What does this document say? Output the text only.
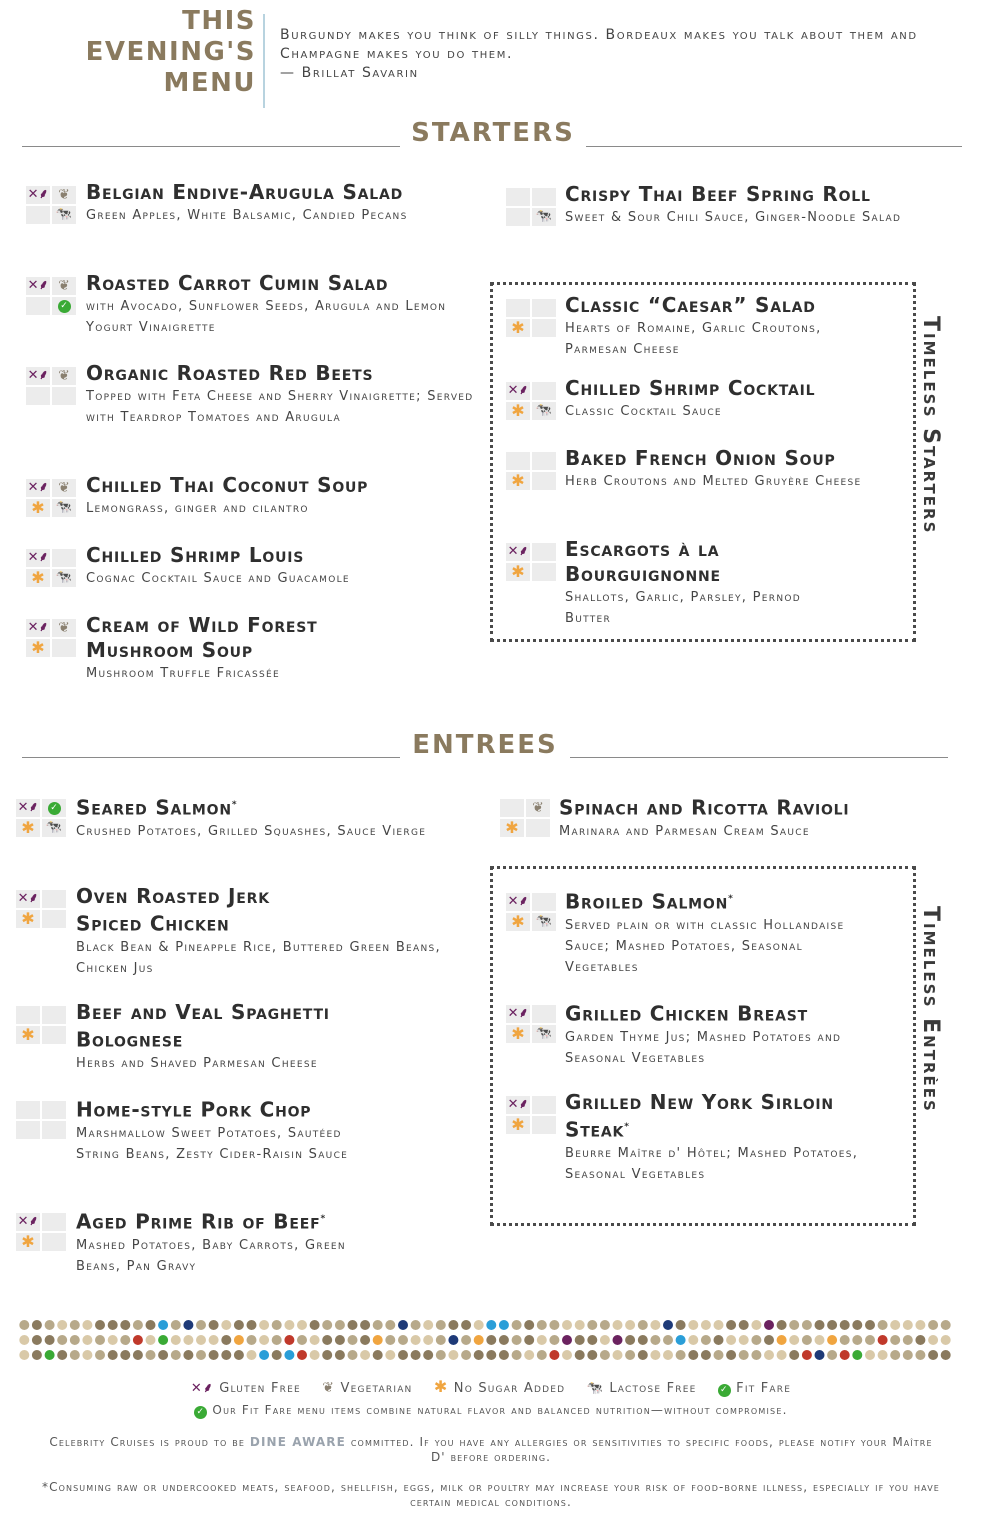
THIS
EVENING'S
MENU
Burgundy makes you think of silly things. Bordeaux makes you talk about them and Champagne makes you do them.
— Brillat Savarin
STARTERS
✕⸙ ❦
🐄
Belgian Endive-Arugula Salad
Green Apples, White Balsamic, Candied Pecans
✕⸙ ❦
✓
Roasted Carrot Cumin Salad
with Avocado, Sunflower Seeds, Arugula and Lemon Yogurt Vinaigrette
✕⸙ ❦ Organic Roasted Red Beets
Topped with Feta Cheese and Sherry Vinaigrette; Served with Teardrop Tomatoes and Arugula
✕⸙ ❦
✱ 🐄
Chilled Thai Coconut Soup
Lemongrass, ginger and cilantro
✕⸙
✱ 🐄
Chilled Shrimp Louis
Cognac Cocktail Sauce and Guacamole
✕⸙ ❦
✱
Cream of Wild Forest Mushroom Soup
Mushroom Truffle Fricassée
🐄
Crispy Thai Beef Spring Roll
Sweet & Sour Chili Sauce, Ginger-Noodle Salad
Timeless Starters
✱
Classic “Caesar” Salad
Hearts of Romaine, Garlic Croutons, Parmesan Cheese
✕⸙
✱ 🐄
Chilled Shrimp Cocktail
Classic Cocktail Sauce
✱
Baked French Onion Soup
Herb Croutons and Melted Gruyère Cheese
✕⸙
✱
Escargots à la Bourguignonne
Shallots, Garlic, Parsley, Pernod Butter
ENTREES
✕⸙	✓
✱ 🐄
Seared Salmon*
Crushed Potatoes, Grilled Squashes, Sauce Vierge
✕⸙
✱
Oven Roasted Jerk Spiced Chicken
Black Bean & Pineapple Rice, Buttered Green Beans, Chicken Jus
✱
Beef and Veal Spaghetti Bolognese
Herbs and Shaved Parmesan Cheese
Home-style Pork Chop
Marshmallow Sweet Potatoes, Sautéed String Beans, Zesty Cider-Raisin Sauce
✕⸙
✱
Aged Prime Rib of Beef*
Mashed Potatoes, Baby Carrots, Green Beans, Pan Gravy
❦
✱
Spinach and Ricotta Ravioli
Marinara and Parmesan Cream Sauce
Timeless Entrèes
✕⸙
✱ 🐄
Broiled Salmon*
Served plain or with classic Hollandaise Sauce; Mashed Potatoes, Seasonal Vegetables
✕⸙
✱ 🐄
Grilled Chicken Breast
Garden Thyme Jus; Mashed Potatoes and Seasonal Vegetables
✕⸙
✱
Grilled New York Sirloin Steak*
Beurre Maître d' Hôtel; Mashed Potatoes, Seasonal Vegetables
✕⸙ Gluten Free ❦ Vegetarian ✱ No Sugar Added 🐄 Lactose Free	✓ Fit Fare
✓ Our Fit Fare menu items combine natural flavor and balanced nutrition—without compromise.
Celebrity Cruises is proud to be DINE AWARE committed. If you have any allergies or sensitivities to specific foods, please notify your Maître D' before ordering.
*Consuming raw or undercooked meats, seafood, shellfish, eggs, milk or poultry may increase your risk of food-borne illness, especially if you have certain medical conditions.
